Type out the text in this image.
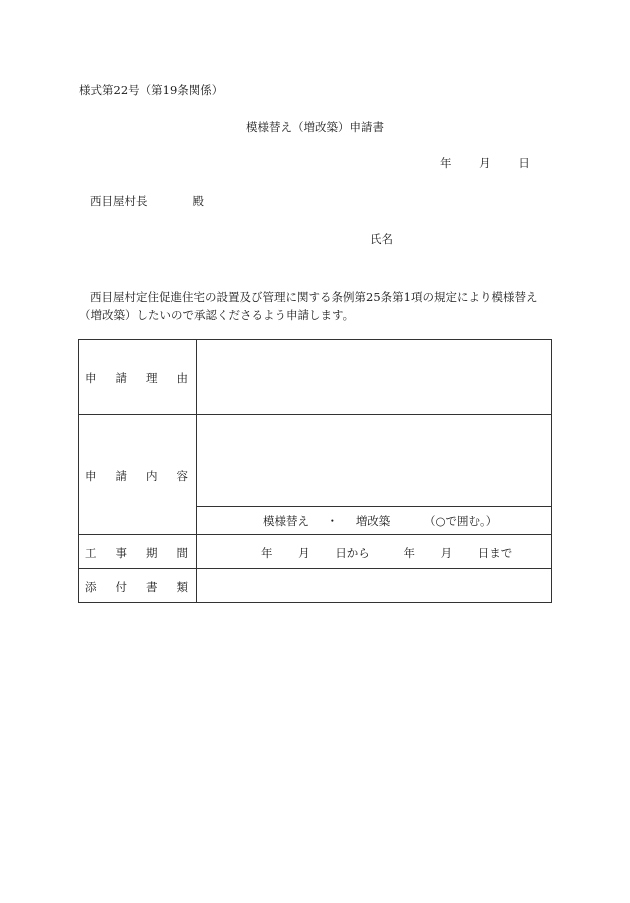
様式第22号（第19条関係）
模様替え（増改築）申請書
年 月 日
西目屋村長	殿
氏名
西目屋村定住促進住宅の設置及び管理に関する条例第25条第1項の規定により模様替え（増改築）したいので承認くださるよう申請します。
申 請 理 由
申 請 内 容
模様替え ・ 増改築	（○で囲む。）
工 事 期 間	年 月 日から	年 月 日まで
添 付 書 類
